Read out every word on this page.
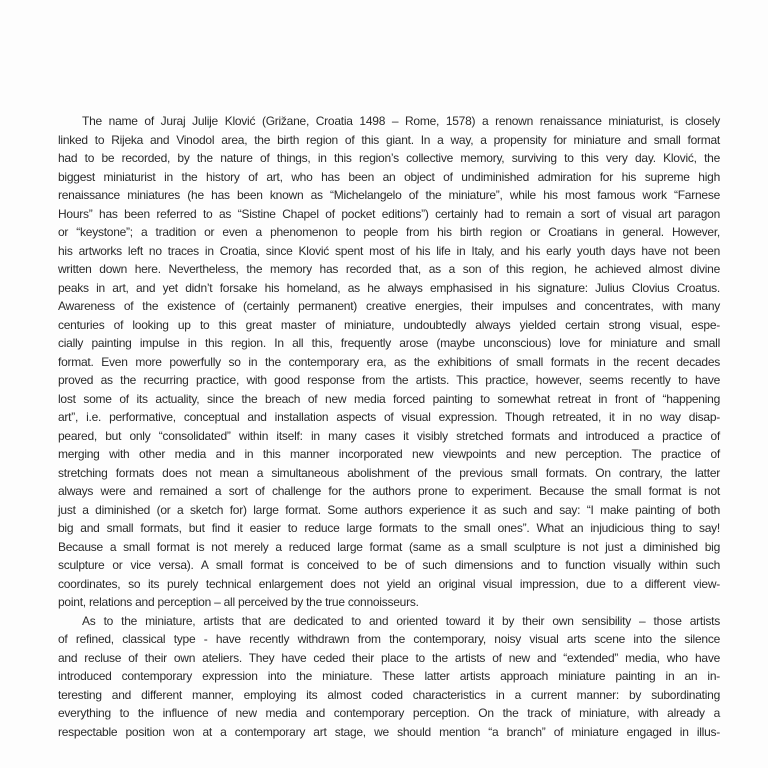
The name of Juraj Julije Klović (Grižane, Croatia 1498 – Rome, 1578) a renown renaissance miniaturist, is closely
linked to Rijeka and Vinodol area, the birth region of this giant. In a way, a propensity for miniature and small format
had to be recorded, by the nature of things, in this region’s collective memory, surviving to this very day. Klović, the
biggest miniaturist in the history of art, who has been an object of undiminished admiration for his supreme high
renaissance miniatures (he has been known as “Michelangelo of the miniature”, while his most famous work “Farnese
Hours” has been referred to as “Sistine Chapel of pocket editions”) certainly had to remain a sort of visual art paragon
or “keystone”; a tradition or even a phenomenon to people from his birth region or Croatians in general. However,
his artworks left no traces in Croatia, since Klović spent most of his life in Italy, and his early youth days have not been
written down here. Nevertheless, the memory has recorded that, as a son of this region, he achieved almost divine
peaks in art, and yet didn’t forsake his homeland, as he always emphasised in his signature: Julius Clovius Croatus.
Awareness of the existence of (certainly permanent) creative energies, their impulses and concentrates, with many
centuries of looking up to this great master of miniature, undoubtedly always yielded certain strong visual, espe-
cially painting impulse in this region. In all this, frequently arose (maybe unconscious) love for miniature and small
format. Even more powerfully so in the contemporary era, as the exhibitions of small formats in the recent decades
proved as the recurring practice, with good response from the artists. This practice, however, seems recently to have
lost some of its actuality, since the breach of new media forced painting to somewhat retreat in front of “happening
art”, i.e. performative, conceptual and installation aspects of visual expression. Though retreated, it in no way disap-
peared, but only “consolidated” within itself: in many cases it visibly stretched formats and introduced a practice of
merging with other media and in this manner incorporated new viewpoints and new perception. The practice of
stretching formats does not mean a simultaneous abolishment of the previous small formats. On contrary, the latter
always were and remained a sort of challenge for the authors prone to experiment. Because the small format is not
just a diminished (or a sketch for) large format. Some authors experience it as such and say: “I make painting of both
big and small formats, but find it easier to reduce large formats to the small ones”. What an injudicious thing to say!
Because a small format is not merely a reduced large format (same as a small sculpture is not just a diminished big
sculpture or vice versa). A small format is conceived to be of such dimensions and to function visually within such
coordinates, so its purely technical enlargement does not yield an original visual impression, due to a different view-
point, relations and perception – all perceived by the true connoisseurs.
As to the miniature, artists that are dedicated to and oriented toward it by their own sensibility – those artists
of refined, classical type - have recently withdrawn from the contemporary, noisy visual arts scene into the silence
and recluse of their own ateliers. They have ceded their place to the artists of new and “extended” media, who have
introduced contemporary expression into the miniature. These latter artists approach miniature painting in an in-
teresting and different manner, employing its almost coded characteristics in a current manner: by subordinating
everything to the influence of new media and contemporary perception. On the track of miniature, with already a
respectable position won at a contemporary art stage, we should mention “a branch” of miniature engaged in illus-
